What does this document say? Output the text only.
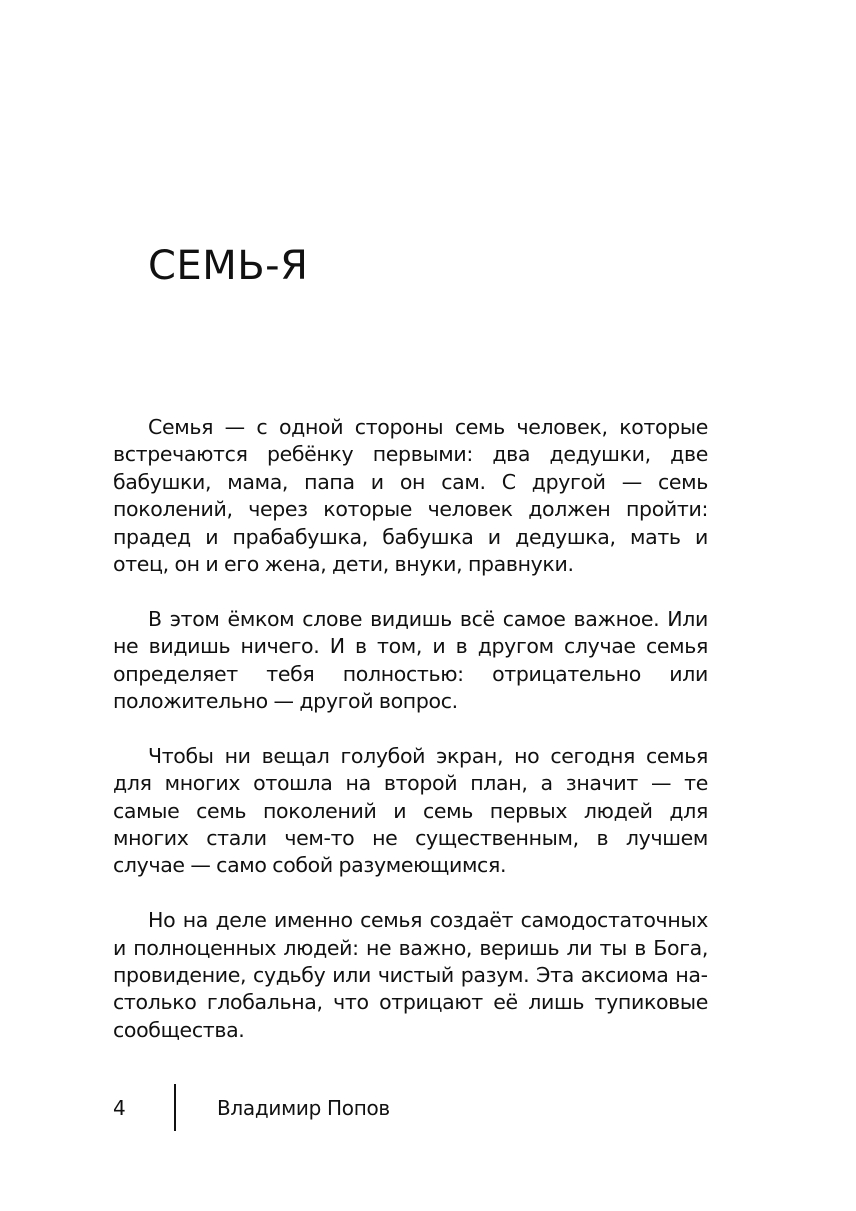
СЕМЬ-Я

Семья — с одной стороны семь человек, которые встречаются ребёнку первыми: два дедушки, две бабушки, мама, папа и он сам. С другой — семь поколений, через которые человек должен пройти: прадед и прабабушка, бабушка и дедушка, мать и отец, он и его жена, дети, внуки, правнуки.

В этом ёмком слове видишь всё самое важное. Или не видишь ничего. И в том, и в другом случае семья определяет тебя полностью: отрицательно или положительно — другой вопрос.

Чтобы ни вещал голубой экран, но сегодня семья для многих отошла на второй план, а значит — те самые семь поколений и семь первых людей для многих стали чем-то не существенным, в лучшем случае — само собой разумеющимся.

Но на деле именно семья создаёт самодостаточных и полноценных людей: не важно, веришь ли ты в Бога, провидение, судьбу или чистый разум. Эта аксиома настолько глобальна, что отрицают её лишь тупиковые сообщества.

4	Владимир Попов
